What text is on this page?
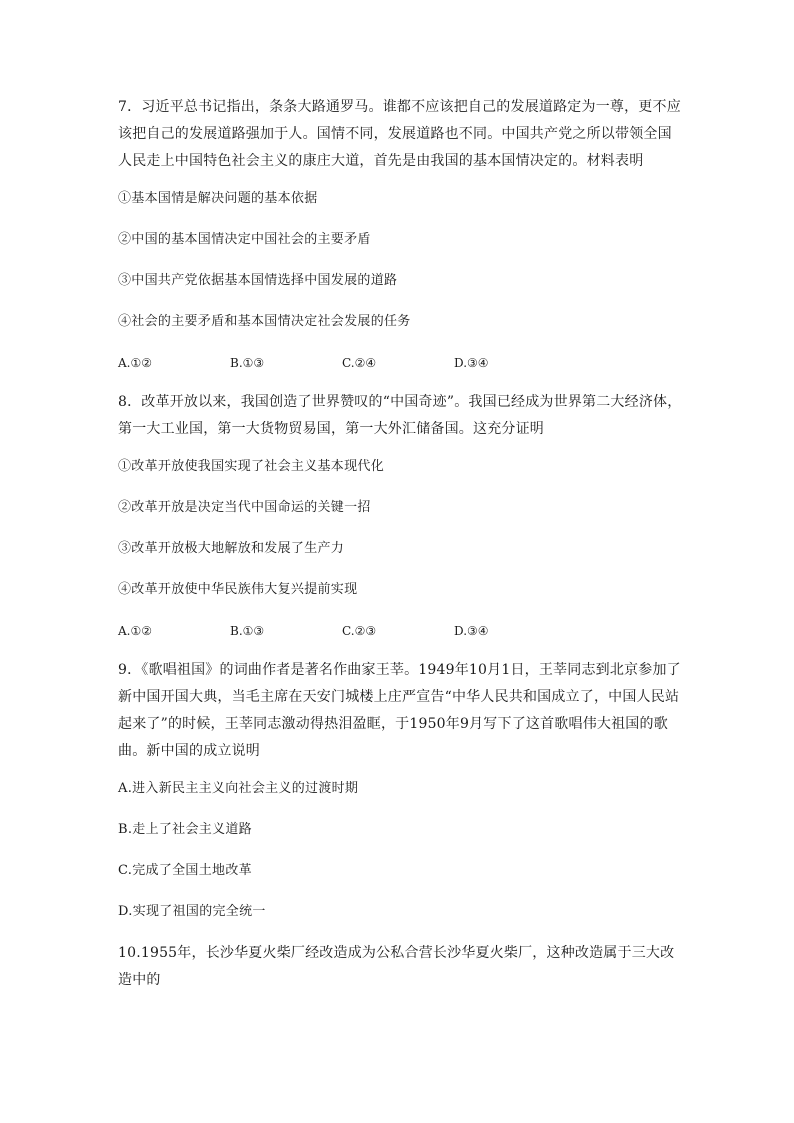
7．习近平总书记指出，条条大路通罗马。谁都不应该把自己的发展道路定为一尊，更不应该把自己的发展道路强加于人。国情不同，发展道路也不同。中国共产党之所以带领全国人民走上中国特色社会主义的康庄大道，首先是由我国的基本国情决定的。材料表明

①基本国情是解决问题的基本依据

②中国的基本国情决定中国社会的主要矛盾

③中国共产党依据基本国情选择中国发展的道路

④社会的主要矛盾和基本国情决定社会发展的任务

A.①②	B.①③	C.②④	D.③④

8．改革开放以来，我国创造了世界赞叹的“中国奇迹”。我国已经成为世界第二大经济体，第一大工业国，第一大货物贸易国，第一大外汇储备国。这充分证明

①改革开放使我国实现了社会主义基本现代化

②改革开放是决定当代中国命运的关键一招

③改革开放极大地解放和发展了生产力

④改革开放使中华民族伟大复兴提前实现

A.①②	B.①③	C.②③	D.③④

9．《歌唱祖国》的词曲作者是著名作曲家王莘。1949年10月1日，王莘同志到北京参加了新中国开国大典，当毛主席在天安门城楼上庄严宣告“中华人民共和国成立了，中国人民站起来了”的时候，王莘同志激动得热泪盈眶，于1950年9月写下了这首歌唱伟大祖国的歌曲。新中国的成立说明

A.进入新民主主义向社会主义的过渡时期

B.走上了社会主义道路

C.完成了全国土地改革

D.实现了祖国的完全统一

10.1955年，长沙华夏火柴厂经改造成为公私合营长沙华夏火柴厂，这种改造属于三大改造中的
